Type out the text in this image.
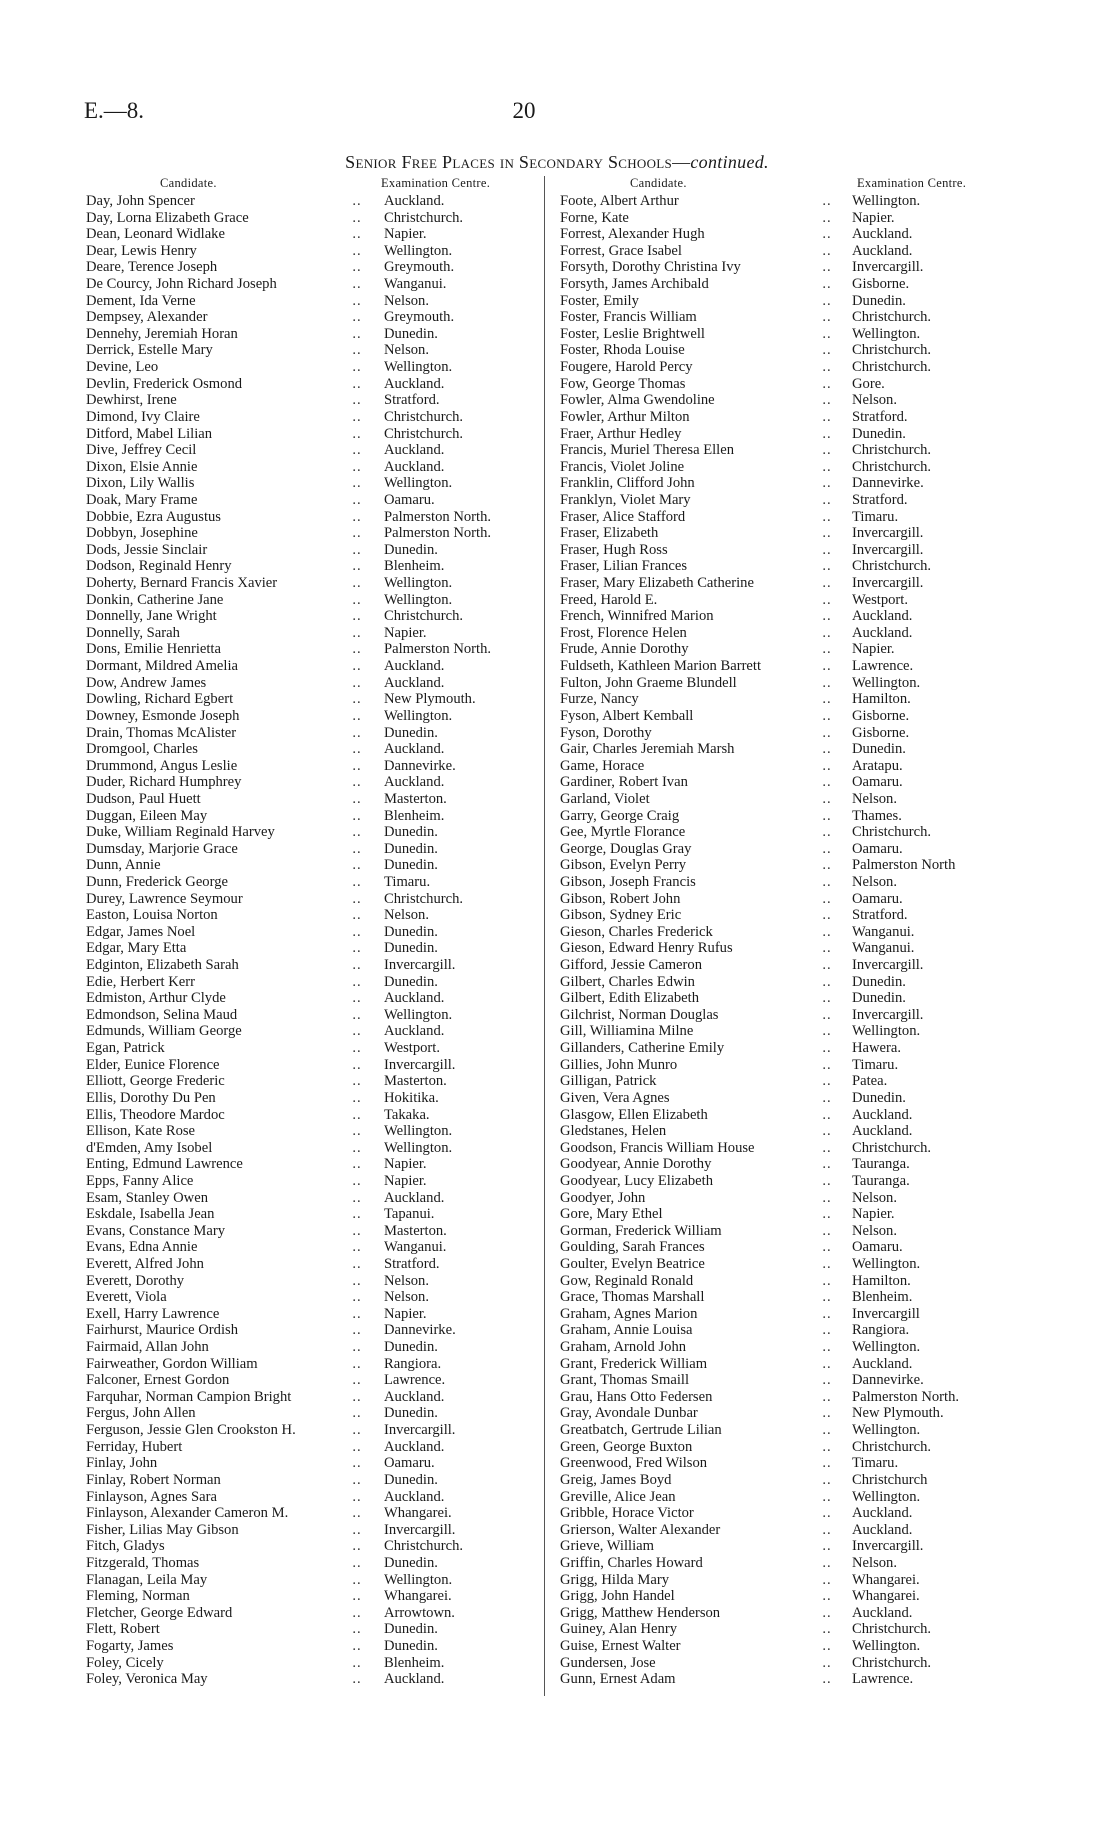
E.—8.	20
Senior Free Places in Secondary Schools—continued.
Candidate.	Examination Centre.
Day, John Spencer	..	Auckland.
Day, Lorna Elizabeth Grace	..	Christchurch.
Dean, Leonard Widlake	..	Napier.
Dear, Lewis Henry	..	Wellington.
Deare, Terence Joseph	..	Greymouth.
De Courcy, John Richard Joseph	..	Wanganui.
Dement, Ida Verne	..	Nelson.
Dempsey, Alexander	..	Greymouth.
Dennehy, Jeremiah Horan	..	Dunedin.
Derrick, Estelle Mary	..	Nelson.
Devine, Leo	..	Wellington.
Devlin, Frederick Osmond	..	Auckland.
Dewhirst, Irene	..	Stratford.
Dimond, Ivy Claire	..	Christchurch.
Ditford, Mabel Lilian	..	Christchurch.
Dive, Jeffrey Cecil	..	Auckland.
Dixon, Elsie Annie	..	Auckland.
Dixon, Lily Wallis	..	Wellington.
Doak, Mary Frame	..	Oamaru.
Dobbie, Ezra Augustus	..	Palmerston North.
Dobbyn, Josephine	..	Palmerston North.
Dods, Jessie Sinclair	..	Dunedin.
Dodson, Reginald Henry	..	Blenheim.
Doherty, Bernard Francis Xavier	..	Wellington.
Donkin, Catherine Jane	..	Wellington.
Donnelly, Jane Wright	..	Christchurch.
Donnelly, Sarah	..	Napier.
Dons, Emilie Henrietta	..	Palmerston North.
Dormant, Mildred Amelia	..	Auckland.
Dow, Andrew James	..	Auckland.
Dowling, Richard Egbert	..	New Plymouth.
Downey, Esmonde Joseph	..	Wellington.
Drain, Thomas McAlister	..	Dunedin.
Dromgool, Charles	..	Auckland.
Drummond, Angus Leslie	..	Dannevirke.
Duder, Richard Humphrey	..	Auckland.
Dudson, Paul Huett	..	Masterton.
Duggan, Eileen May	..	Blenheim.
Duke, William Reginald Harvey	..	Dunedin.
Dumsday, Marjorie Grace	..	Dunedin.
Dunn, Annie	..	Dunedin.
Dunn, Frederick George	..	Timaru.
Durey, Lawrence Seymour	..	Christchurch.
Easton, Louisa Norton	..	Nelson.
Edgar, James Noel	..	Dunedin.
Edgar, Mary Etta	..	Dunedin.
Edginton, Elizabeth Sarah	..	Invercargill.
Edie, Herbert Kerr	..	Dunedin.
Edmiston, Arthur Clyde	..	Auckland.
Edmondson, Selina Maud	..	Wellington.
Edmunds, William George	..	Auckland.
Egan, Patrick	..	Westport.
Elder, Eunice Florence	..	Invercargill.
Elliott, George Frederic	..	Masterton.
Ellis, Dorothy Du Pen	..	Hokitika.
Ellis, Theodore Mardoc	..	Takaka.
Ellison, Kate Rose	..	Wellington.
d'Emden, Amy Isobel	..	Wellington.
Enting, Edmund Lawrence	..	Napier.
Epps, Fanny Alice	..	Napier.
Esam, Stanley Owen	..	Auckland.
Eskdale, Isabella Jean	..	Tapanui.
Evans, Constance Mary	..	Masterton.
Evans, Edna Annie	..	Wanganui.
Everett, Alfred John	..	Stratford.
Everett, Dorothy	..	Nelson.
Everett, Viola	..	Nelson.
Exell, Harry Lawrence	..	Napier.
Fairhurst, Maurice Ordish	..	Dannevirke.
Fairmaid, Allan John	..	Dunedin.
Fairweather, Gordon William	..	Rangiora.
Falconer, Ernest Gordon	..	Lawrence.
Farquhar, Norman Campion Bright	..	Auckland.
Fergus, John Allen	..	Dunedin.
Ferguson, Jessie Glen Crookston H.	..	Invercargill.
Ferriday, Hubert	..	Auckland.
Finlay, John	..	Oamaru.
Finlay, Robert Norman	..	Dunedin.
Finlayson, Agnes Sara	..	Auckland.
Finlayson, Alexander Cameron M.	..	Whangarei.
Fisher, Lilias May Gibson	..	Invercargill.
Fitch, Gladys	..	Christchurch.
Fitzgerald, Thomas	..	Dunedin.
Flanagan, Leila May	..	Wellington.
Fleming, Norman	..	Whangarei.
Fletcher, George Edward	..	Arrowtown.
Flett, Robert	..	Dunedin.
Fogarty, James	..	Dunedin.
Foley, Cicely	..	Blenheim.
Foley, Veronica May	..	Auckland.
Candidate.	Examination Centre.
Foote, Albert Arthur	..	Wellington.
Forne, Kate	..	Napier.
Forrest, Alexander Hugh	..	Auckland.
Forrest, Grace Isabel	..	Auckland.
Forsyth, Dorothy Christina Ivy	..	Invercargill.
Forsyth, James Archibald	..	Gisborne.
Foster, Emily	..	Dunedin.
Foster, Francis William	..	Christchurch.
Foster, Leslie Brightwell	..	Wellington.
Foster, Rhoda Louise	..	Christchurch.
Fougere, Harold Percy	..	Christchurch.
Fow, George Thomas	..	Gore.
Fowler, Alma Gwendoline	..	Nelson.
Fowler, Arthur Milton	..	Stratford.
Fraer, Arthur Hedley	..	Dunedin.
Francis, Muriel Theresa Ellen	..	Christchurch.
Francis, Violet Joline	..	Christchurch.
Franklin, Clifford John	..	Dannevirke.
Franklyn, Violet Mary	..	Stratford.
Fraser, Alice Stafford	..	Timaru.
Fraser, Elizabeth	..	Invercargill.
Fraser, Hugh Ross	..	Invercargill.
Fraser, Lilian Frances	..	Christchurch.
Fraser, Mary Elizabeth Catherine	..	Invercargill.
Freed, Harold E.	..	Westport.
French, Winnifred Marion	..	Auckland.
Frost, Florence Helen	..	Auckland.
Frude, Annie Dorothy	..	Napier.
Fuldseth, Kathleen Marion Barrett	..	Lawrence.
Fulton, John Graeme Blundell	..	Wellington.
Furze, Nancy	..	Hamilton.
Fyson, Albert Kemball	..	Gisborne.
Fyson, Dorothy	..	Gisborne.
Gair, Charles Jeremiah Marsh	..	Dunedin.
Game, Horace	..	Aratapu.
Gardiner, Robert Ivan	..	Oamaru.
Garland, Violet	..	Nelson.
Garry, George Craig	..	Thames.
Gee, Myrtle Florance	..	Christchurch.
George, Douglas Gray	..	Oamaru.
Gibson, Evelyn Perry	..	Palmerston North
Gibson, Joseph Francis	..	Nelson.
Gibson, Robert John	..	Oamaru.
Gibson, Sydney Eric	..	Stratford.
Gieson, Charles Frederick	..	Wanganui.
Gieson, Edward Henry Rufus	..	Wanganui.
Gifford, Jessie Cameron	..	Invercargill.
Gilbert, Charles Edwin	..	Dunedin.
Gilbert, Edith Elizabeth	..	Dunedin.
Gilchrist, Norman Douglas	..	Invercargill.
Gill, Williamina Milne	..	Wellington.
Gillanders, Catherine Emily	..	Hawera.
Gillies, John Munro	..	Timaru.
Gilligan, Patrick	..	Patea.
Given, Vera Agnes	..	Dunedin.
Glasgow, Ellen Elizabeth	..	Auckland.
Gledstanes, Helen	..	Auckland.
Goodson, Francis William House	..	Christchurch.
Goodyear, Annie Dorothy	..	Tauranga.
Goodyear, Lucy Elizabeth	..	Tauranga.
Goodyer, John	..	Nelson.
Gore, Mary Ethel	..	Napier.
Gorman, Frederick William	..	Nelson.
Goulding, Sarah Frances	..	Oamaru.
Goulter, Evelyn Beatrice	..	Wellington.
Gow, Reginald Ronald	..	Hamilton.
Grace, Thomas Marshall	..	Blenheim.
Graham, Agnes Marion	..	Invercargill
Graham, Annie Louisa	..	Rangiora.
Graham, Arnold John	..	Wellington.
Grant, Frederick William	..	Auckland.
Grant, Thomas Smaill	..	Dannevirke.
Grau, Hans Otto Federsen	..	Palmerston North.
Gray, Avondale Dunbar	..	New Plymouth.
Greatbatch, Gertrude Lilian	..	Wellington.
Green, George Buxton	..	Christchurch.
Greenwood, Fred Wilson	..	Timaru.
Greig, James Boyd	..	Christchurch
Greville, Alice Jean	..	Wellington.
Gribble, Horace Victor	..	Auckland.
Grierson, Walter Alexander	..	Auckland.
Grieve, William	..	Invercargill.
Griffin, Charles Howard	..	Nelson.
Grigg, Hilda Mary	..	Whangarei.
Grigg, John Handel	..	Whangarei.
Grigg, Matthew Henderson	..	Auckland.
Guiney, Alan Henry	..	Christchurch.
Guise, Ernest Walter	..	Wellington.
Gundersen, Jose	..	Christchurch.
Gunn, Ernest Adam	..	Lawrence.
